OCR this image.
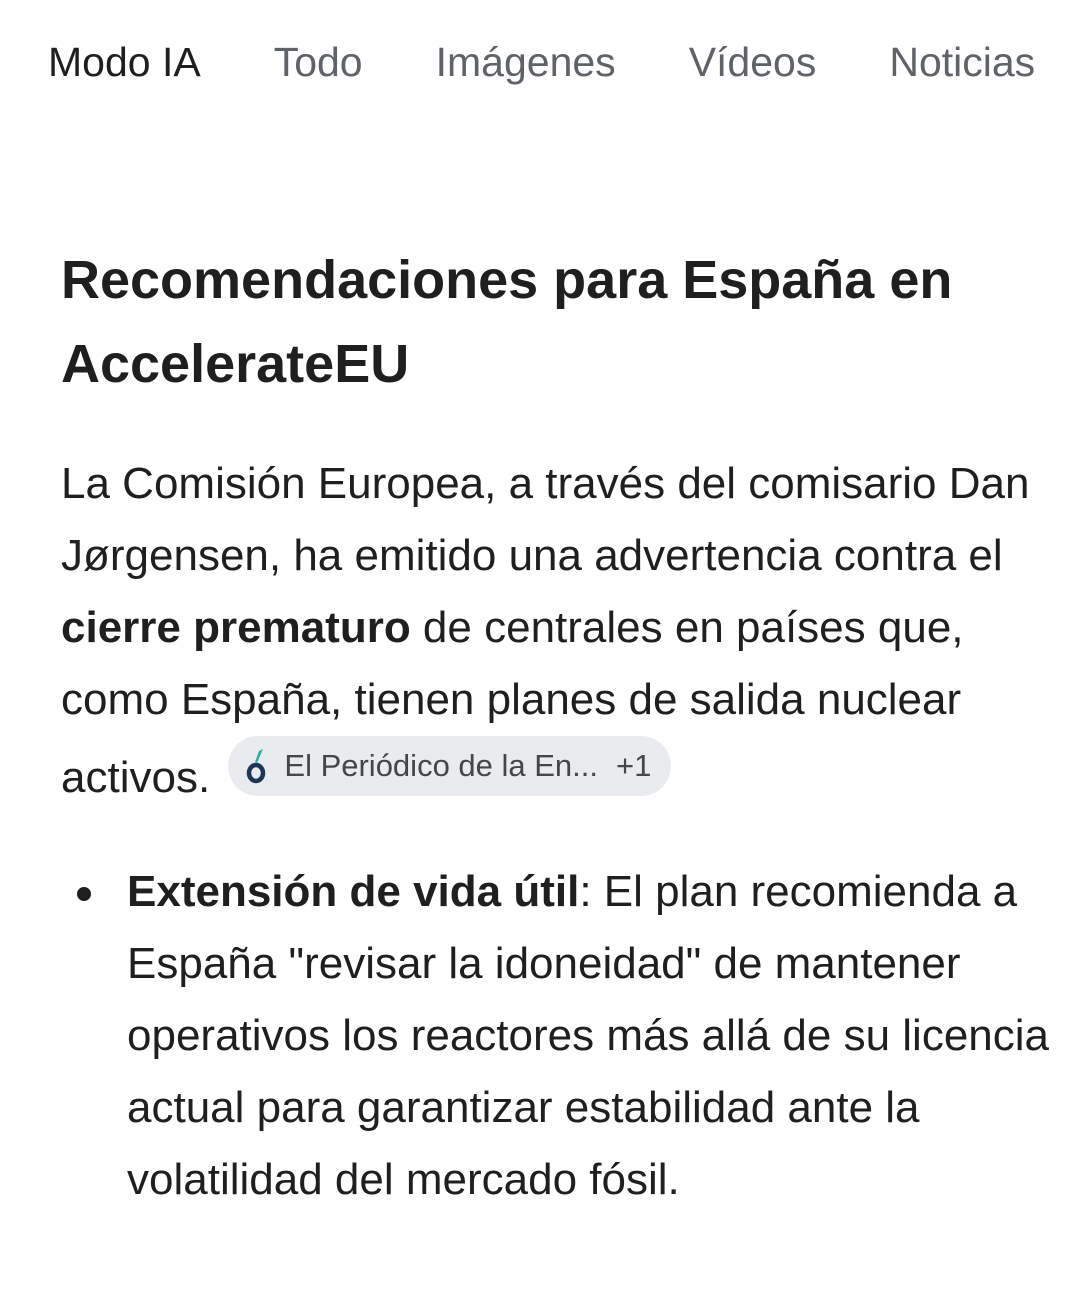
Modo IA Todo Imágenes Vídeos Noticias
Recomendaciones para España en AccelerateEU

La Comisión Europea, a través del comisario Dan Jørgensen, ha emitido una advertencia contra el cierre prematuro de centrales en países que, como España, tienen planes de salida nuclear activos. El Periódico de la En... +1

Extensión de vida útil: El plan recomienda a España "revisar la idoneidad" de mantener operativos los reactores más allá de su licencia actual para garantizar estabilidad ante la volatilidad del mercado fósil.
